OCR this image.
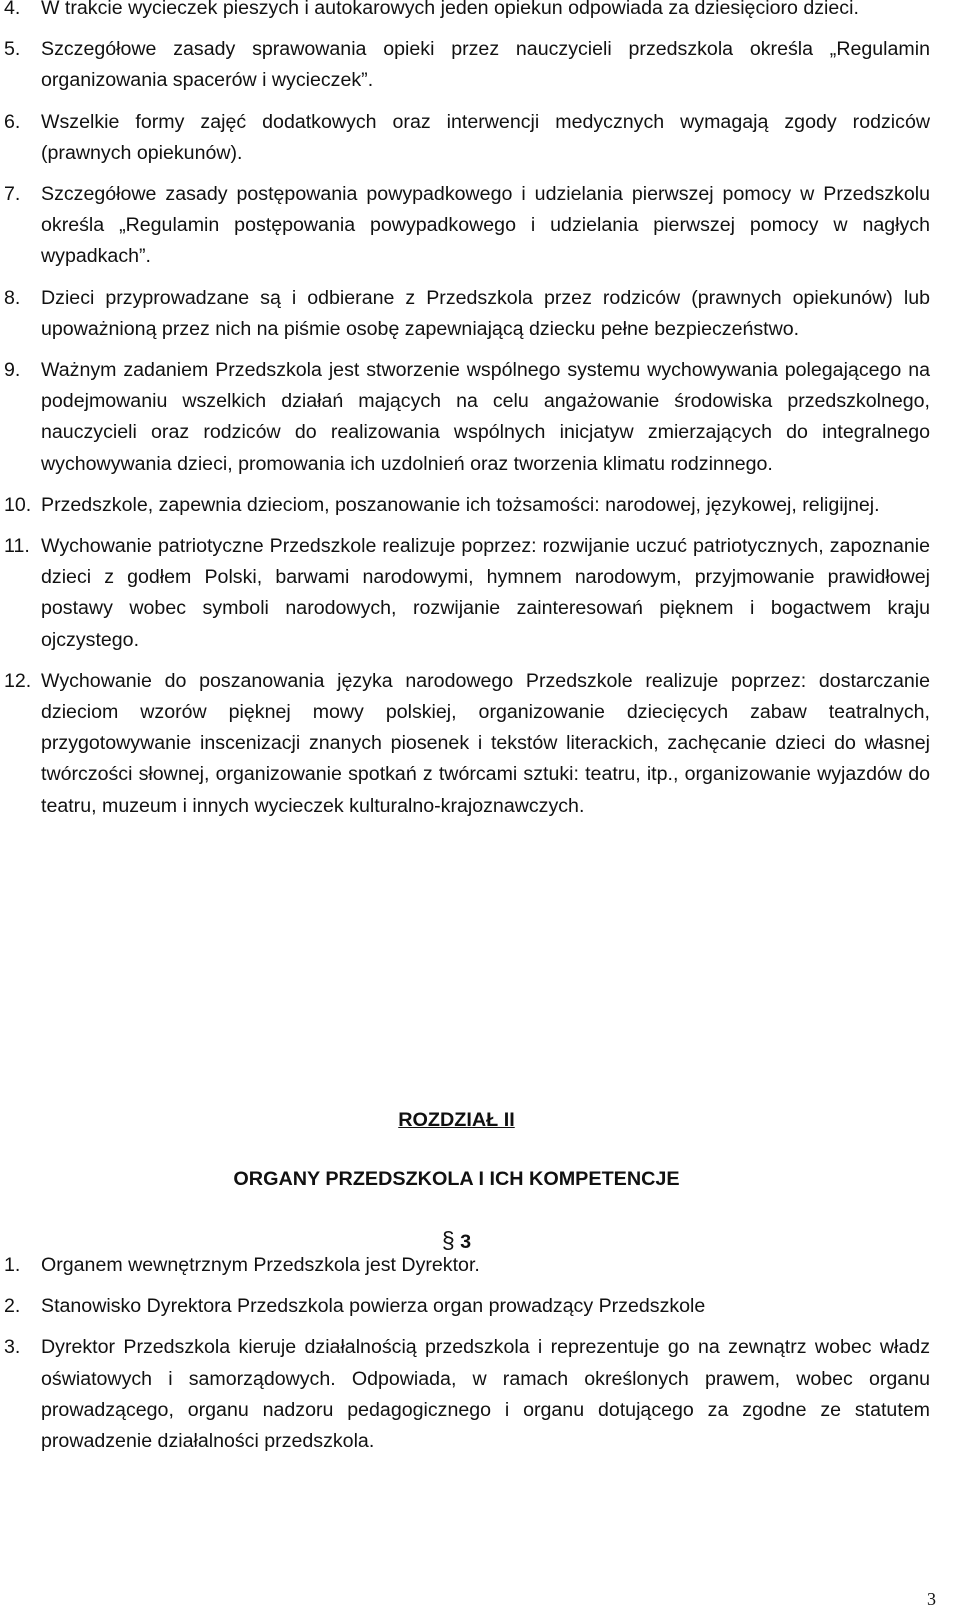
4.	W trakcie wycieczek pieszych i autokarowych jeden opiekun odpowiada za dziesięcioro dzieci.
5.	Szczegółowe zasady sprawowania opieki przez nauczycieli przedszkola określa „Regulamin organizowania spacerów i wycieczek”.
6.	Wszelkie formy zajęć dodatkowych oraz interwencji medycznych wymagają zgody rodziców (prawnych opiekunów).
7.	Szczegółowe zasady postępowania powypadkowego i udzielania pierwszej pomocy w Przedszkolu określa „Regulamin postępowania powypadkowego i udzielania pierwszej pomocy w nagłych wypadkach”.
8.	Dzieci przyprowadzane są i odbierane z Przedszkola przez rodziców (prawnych opiekunów) lub upoważnioną przez nich na piśmie osobę zapewniającą dziecku pełne bezpieczeństwo.
9.	Ważnym zadaniem Przedszkola jest stworzenie wspólnego systemu wychowywania polegającego na podejmowaniu wszelkich działań mających na celu angażowanie środowiska przedszkolnego, nauczycieli oraz rodziców do realizowania wspólnych inicjatyw zmierzających do integralnego wychowywania dzieci, promowania ich uzdolnień oraz tworzenia klimatu rodzinnego.
10. Przedszkole, zapewnia dzieciom, poszanowanie ich tożsamości: narodowej, językowej, religijnej.
11. Wychowanie patriotyczne Przedszkole realizuje poprzez: rozwijanie uczuć patriotycznych, zapoznanie dzieci z godłem Polski, barwami narodowymi, hymnem narodowym, przyjmowanie prawidłowej postawy wobec symboli narodowych, rozwijanie zainteresowań pięknem i bogactwem kraju ojczystego.
12. Wychowanie do poszanowania języka narodowego Przedszkole realizuje poprzez: dostarczanie dzieciom wzorów pięknej mowy polskiej, organizowanie dziecięcych zabaw teatralnych, przygotowywanie inscenizacji znanych piosenek i tekstów literackich, zachęcanie dzieci do własnej twórczości słownej, organizowanie spotkań z twórcami sztuki: teatru, itp., organizowanie wyjazdów do teatru, muzeum i innych wycieczek kulturalno-krajoznawczych.
ROZDZIAŁ II
ORGANY PRZEDSZKOLA I ICH KOMPETENCJE
§ 3
1.	Organem wewnętrznym Przedszkola jest Dyrektor.
2.	Stanowisko Dyrektora Przedszkola powierza organ prowadzący Przedszkole
3.	Dyrektor Przedszkola kieruje działalnością przedszkola i reprezentuje go na zewnątrz wobec władz oświatowych i samorządowych. Odpowiada, w ramach określonych prawem, wobec organu prowadzącego, organu nadzoru pedagogicznego i organu dotującego za zgodne ze statutem prowadzenie działalności przedszkola.
3
